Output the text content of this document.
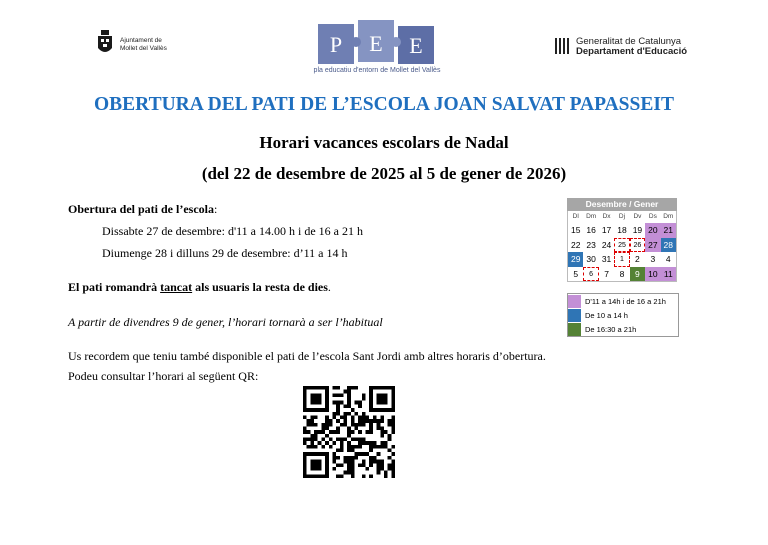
Ajuntament de
Mollet del Vallès	P E E
pla educatiu d'entorn de Mollet del Vallès
Generalitat de Catalunya
Departament d'Educació
OBERTURA DEL PATI DE L’ESCOLA JOAN SALVAT PAPASSEIT
Horari vacances escolars de Nadal
(del 22 de desembre de 2025 al 5 de gener de 2026)
Obertura del pati de l’escola:
Dissabte 27 de desembre: d'11 a 14.00 h i de 16 a 21 h
Diumenge 28 i dilluns 29 de desembre: d’11 a 14 h
El pati romandrà tancat als usuaris la resta de dies.
A partir de divendres 9 de gener, l’horari tornarà a ser l’habitual
Us recordem que teniu també disponible el pati de l’escola Sant Jordi amb altres horaris d’obertura.
Podeu consultar l’horari al següent QR:
Desembre / Gener
Dl	Dm Dx	Dj	Dv	Ds Dm
15 16 17 18 19 20 21
22 23 24 25	26 27 28
29 30 31	1	2	3	4
5	6	7	8	9 10 11
D'11 a 14h i de 16 a 21h
De 10 a 14 h
De 16:30 a 21h
